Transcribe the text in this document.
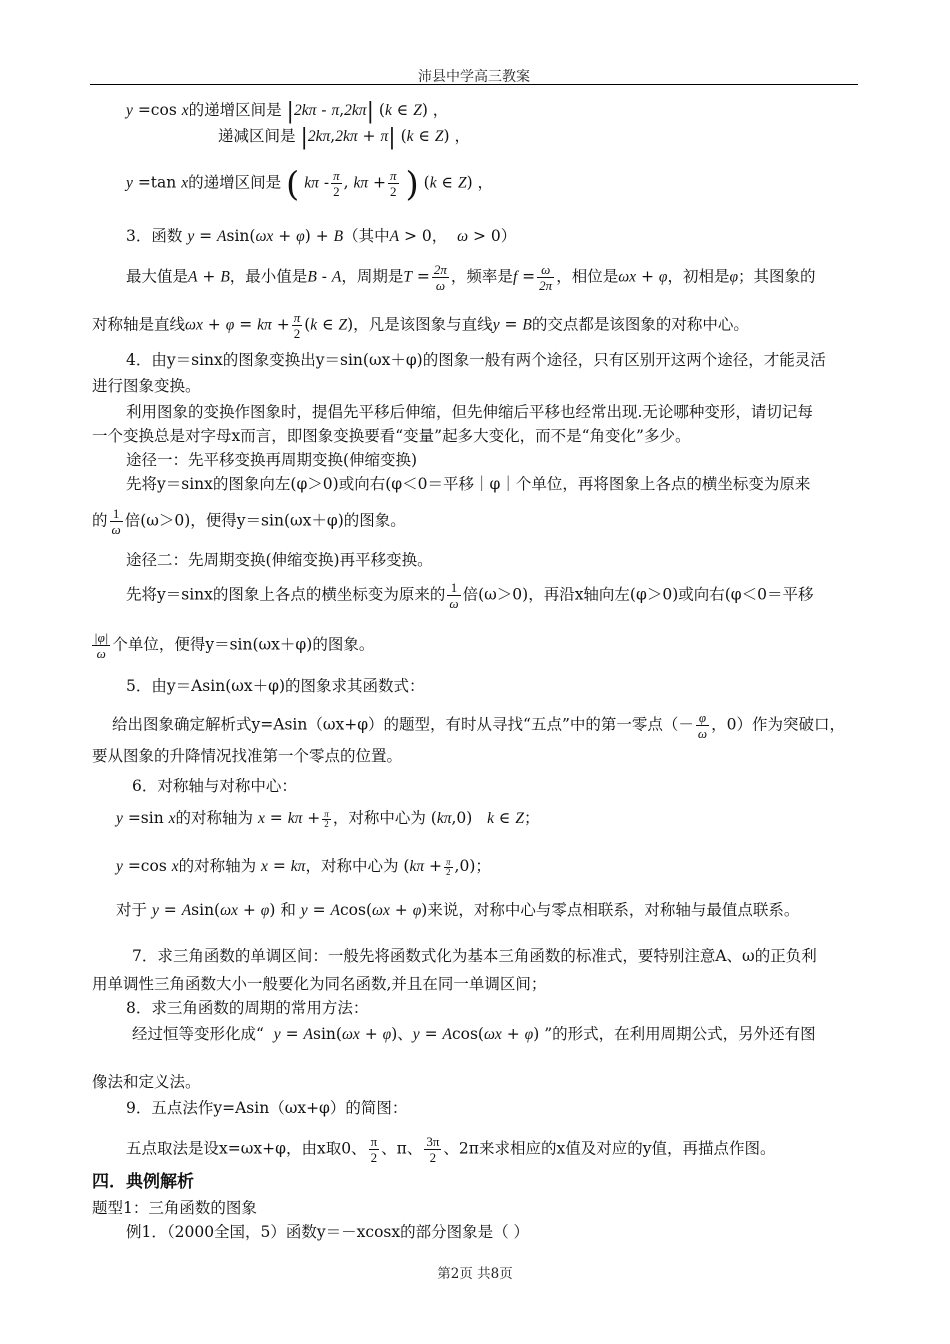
沛县中学高三教案
y =cos x的递增区间是 |2kπ - π,2kπ| (k ∈ Z) ，
递减区间是 |2kπ,2kπ + π| (k ∈ Z) ，
y =tan x的递增区间是 ( kπ - $\frac{\pi}{2}$ , $k\pi + \frac{\pi}{2}$ ) (k ∈ Z) ，
3．函数 y = Asin(ωx + φ) + B（其中A > 0，  ω > 0）
最大值是A + B，最小值是B - A，周期是$T = \frac{2\pi}{\omega}$ ，频率是$f = \frac{\omega}{2\pi}$ ，相位是ωx + φ，初相是φ；其图象的
对称轴是直线$\omega x + \varphi = k\pi + \frac{\pi}{2} (k$ ∈ Z)，凡是该图象与直线y = B的交点都是该图象的对称中心。
4．由y＝sinx的图象变换出y＝sin(ωx＋φ)的图象一般有两个途径，只有区别开这两个途径，才能灵活
进行图象变换。
利用图象的变换作图象时，提倡先平移后伸缩，但先伸缩后平移也经常出现.无论哪种变形，请切记每
一个变换总是对字母x而言，即图象变换要看“变量”起多大变化，而不是“角变化”多少。
途径一：先平移变换再周期变换(伸缩变换)
先将y＝sinx的图象向左(φ＞0)或向右(φ＜0＝平移｜φ｜个单位，再将图象上各点的横坐标变为原来
的 $\frac{1}{\omega}$ 倍(ω＞0)，便得y＝sin(ωx＋φ)的图象。
途径二：先周期变换(伸缩变换)再平移变换。
先将y＝sinx的图象上各点的横坐标变为原来的 $\frac{1}{\omega}$ 倍(ω＞0)，再沿x轴向左(φ＞0)或向右(φ＜0＝平移
$\frac{|\varphi|}{\omega}$ 个单位，便得y＝sin(ωx＋φ)的图象。
5．由y＝Asin(ωx＋φ)的图象求其函数式：
给出图象确定解析式y=Asin（ωx+φ）的题型，有时从寻找“五点”中的第一零点（－ $\frac{\varphi}{\omega}$ ，0）作为突破口，
要从图象的升降情况找准第一个零点的位置。
6．对称轴与对称中心：
y =sin x的对称轴为 $x = k\pi + \frac{\pi}{2}$ ，对称中心为 (kπ,0)   k ∈ Z；
y =cos x的对称轴为 x = kπ，对称中心为 $(k\pi + \frac{\pi}{2} ,0)$；
对于 y = Asin(ωx + φ) 和 y = Acos(ωx + φ)来说，对称中心与零点相联系，对称轴与最值点联系。
7．求三角函数的单调区间：一般先将函数式化为基本三角函数的标准式，要特别注意A、ω的正负利
用单调性三角函数大小一般要化为同名函数,并且在同一单调区间；
8．求三角函数的周期的常用方法：
经过恒等变形化成“ y = Asin(ωx + φ)、y = Acos(ωx + φ) ”的形式，在利用周期公式，另外还有图
像法和定义法。
9．五点法作y=Asin（ωx+φ）的简图：
五点取法是设x=ωx+φ，由x取0、 $\frac{\pi}{2}$ 、π、 $\frac{3\pi}{2}$ 、2π来求相应的x值及对应的y值，再描点作图。
四．典例解析
题型1：三角函数的图象
例1．（2000全国，5）函数y＝－xcosx的部分图象是（ ）
第2页 共8页
